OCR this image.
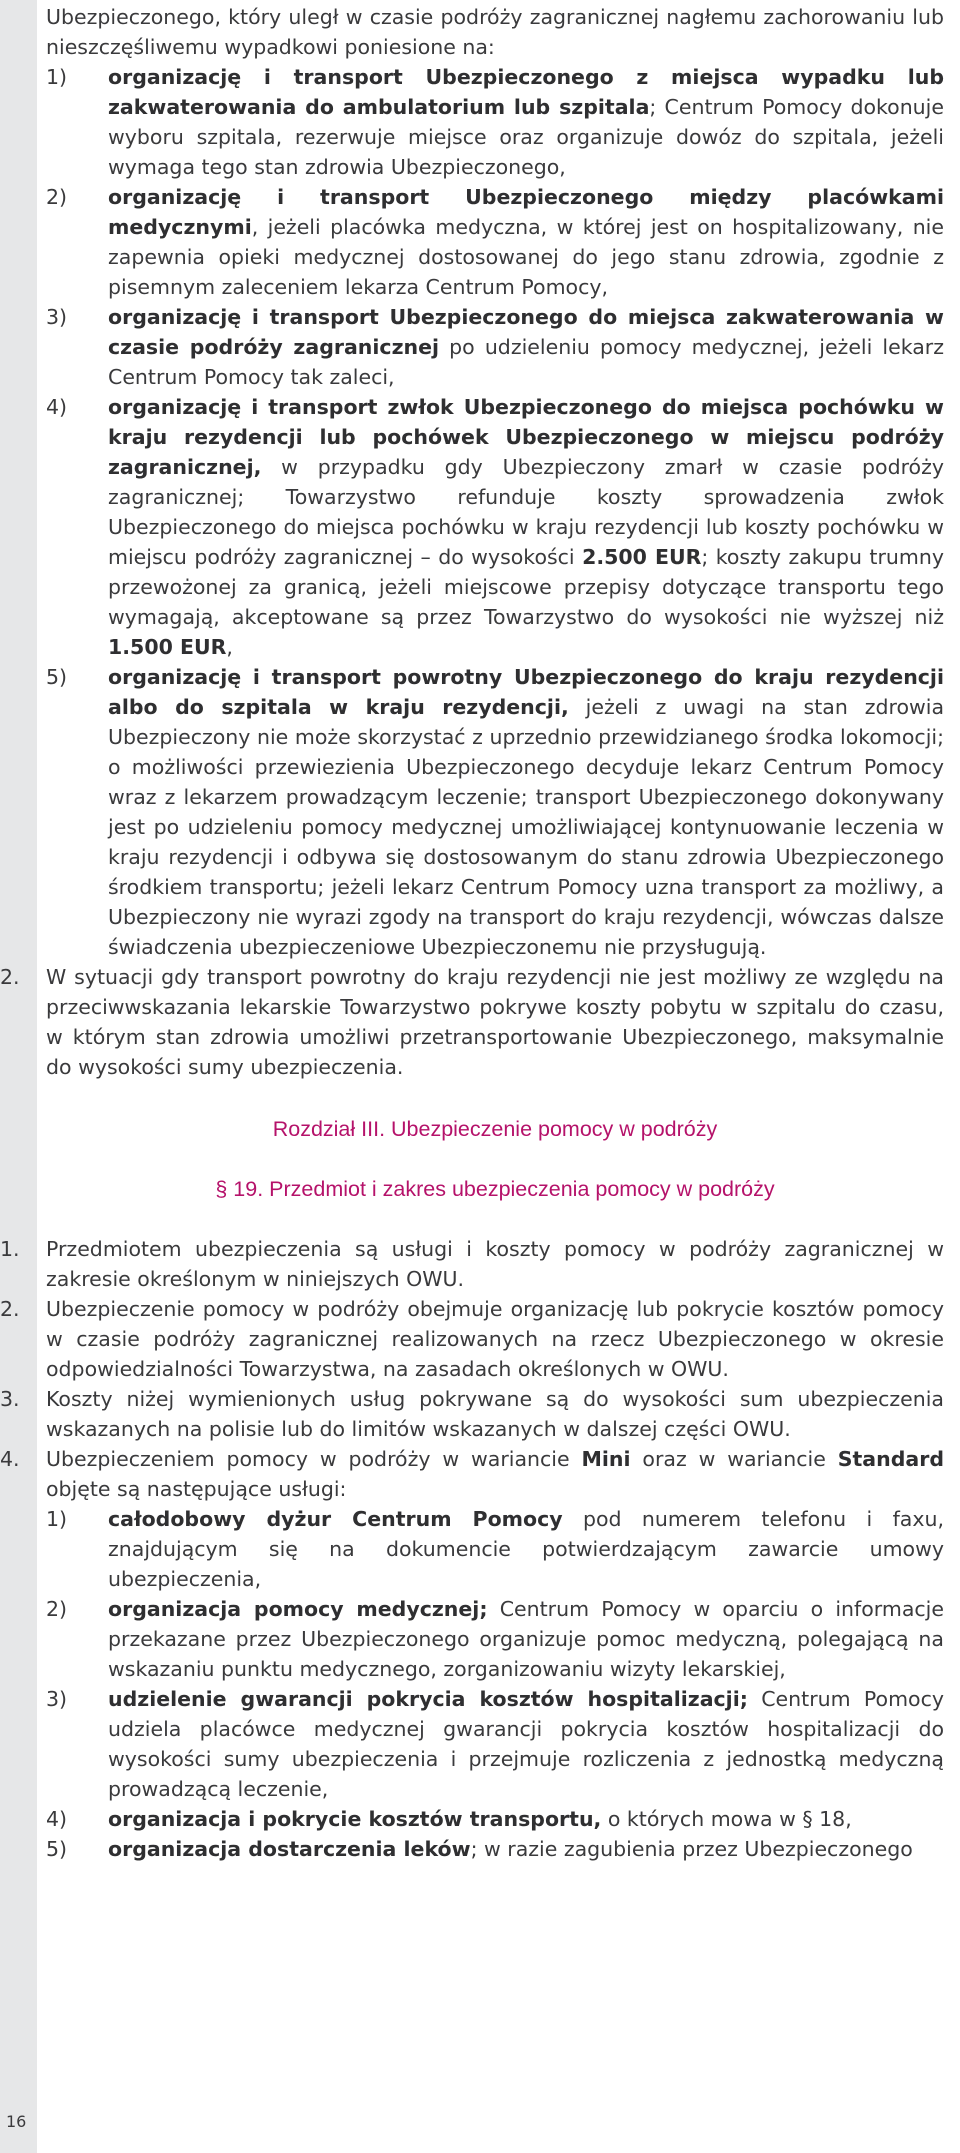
Ubezpieczonego, który uległ w czasie podróży zagranicznej nagłemu zachorowaniu lub nieszczęśliwemu wypadkowi poniesione na:

1) organizację i transport Ubezpieczonego z miejsca wypadku lub zakwaterowania do ambulatorium lub szpitala; Centrum Pomocy dokonuje wyboru szpitala, rezerwuje miejsce oraz organizuje dowóz do szpitala, jeżeli wymaga tego stan zdrowia Ubezpieczonego,
2) organizację i transport Ubezpieczonego między placówkami medycznymi, jeżeli placówka medyczna, w której jest on hospitalizowany, nie zapewnia opieki medycznej dostosowanej do jego stanu zdrowia, zgodnie z pisemnym zaleceniem lekarza Centrum Pomocy,
3) organizację i transport Ubezpieczonego do miejsca zakwaterowania w czasie podróży zagranicznej po udzieleniu pomocy medycznej, jeżeli lekarz Centrum Pomocy tak zaleci,
4) organizację i transport zwłok Ubezpieczonego do miejsca pochówku w kraju rezydencji lub pochówek Ubezpieczonego w miejscu podróży zagranicznej, w przypadku gdy Ubezpieczony zmarł w czasie podróży zagranicznej; Towarzystwo refunduje koszty sprowadzenia zwłok Ubezpieczonego do miejsca pochówku w kraju rezydencji lub koszty pochówku w miejscu podróży zagranicznej – do wysokości 2.500 EUR; koszty zakupu trumny przewożonej za granicą, jeżeli miejscowe przepisy dotyczące transportu tego wymagają, akceptowane są przez Towarzystwo do wysokości nie wyższej niż 1.500 EUR,
5) organizację i transport powrotny Ubezpieczonego do kraju rezydencji albo do szpitala w kraju rezydencji, jeżeli z uwagi na stan zdrowia Ubezpieczony nie może skorzystać z uprzednio przewidzianego środka lokomocji; o możliwości przewiezienia Ubezpieczonego decyduje lekarz Centrum Pomocy wraz z lekarzem prowadzącym leczenie; transport Ubezpieczonego dokonywany jest po udzieleniu pomocy medycznej umożliwiającej kontynuowanie leczenia w kraju rezydencji i odbywa się dostosowanym do stanu zdrowia Ubezpieczonego środkiem transportu; jeżeli lekarz Centrum Pomocy uzna transport za możliwy, a Ubezpieczony nie wyrazi zgody na transport do kraju rezydencji, wówczas dalsze świadczenia ubezpieczeniowe Ubezpieczonemu nie przysługują.
2. W sytuacji gdy transport powrotny do kraju rezydencji nie jest możliwy ze względu na przeciwwskazania lekarskie Towarzystwo pokrywe koszty pobytu w szpitalu do czasu, w którym stan zdrowia umożliwi przetransportowanie Ubezpieczonego, maksymalnie do wysokości sumy ubezpieczenia.
Rozdział III. Ubezpieczenie pomocy w podróży
§ 19. Przedmiot i zakres ubezpieczenia pomocy w podróży
1. Przedmiotem ubezpieczenia są usługi i koszty pomocy w podróży zagranicznej w zakresie określonym w niniejszych OWU.
2. Ubezpieczenie pomocy w podróży obejmuje organizację lub pokrycie kosztów pomocy w czasie podróży zagranicznej realizowanych na rzecz Ubezpieczonego w okresie odpowiedzialności Towarzystwa, na zasadach określonych w OWU.
3. Koszty niżej wymienionych usług pokrywane są do wysokości sum ubezpieczenia wskazanych na polisie lub do limitów wskazanych w dalszej części OWU.
4. Ubezpieczeniem pomocy w podróży w wariancie Mini oraz w wariancie Standard objęte są następujące usługi:
1) całodobowy dyżur Centrum Pomocy pod numerem telefonu i faxu, znajdującym się na dokumencie potwierdzającym zawarcie umowy ubezpieczenia,
2) organizacja pomocy medycznej; Centrum Pomocy w oparciu o informacje przekazane przez Ubezpieczonego organizuje pomoc medyczną, polegającą na wskazaniu punktu medycznego, zorganizowaniu wizyty lekarskiej,
3) udzielenie gwarancji pokrycia kosztów hospitalizacji; Centrum Pomocy udziela placówce medycznej gwarancji pokrycia kosztów hospitalizacji do wysokości sumy ubezpieczenia i przejmuje rozliczenia z jednostką medyczną prowadzącą leczenie,
4) organizacja i pokrycie kosztów transportu, o których mowa w § 18,
5) organizacja dostarczenia leków; w razie zagubienia przez Ubezpieczonego
16
